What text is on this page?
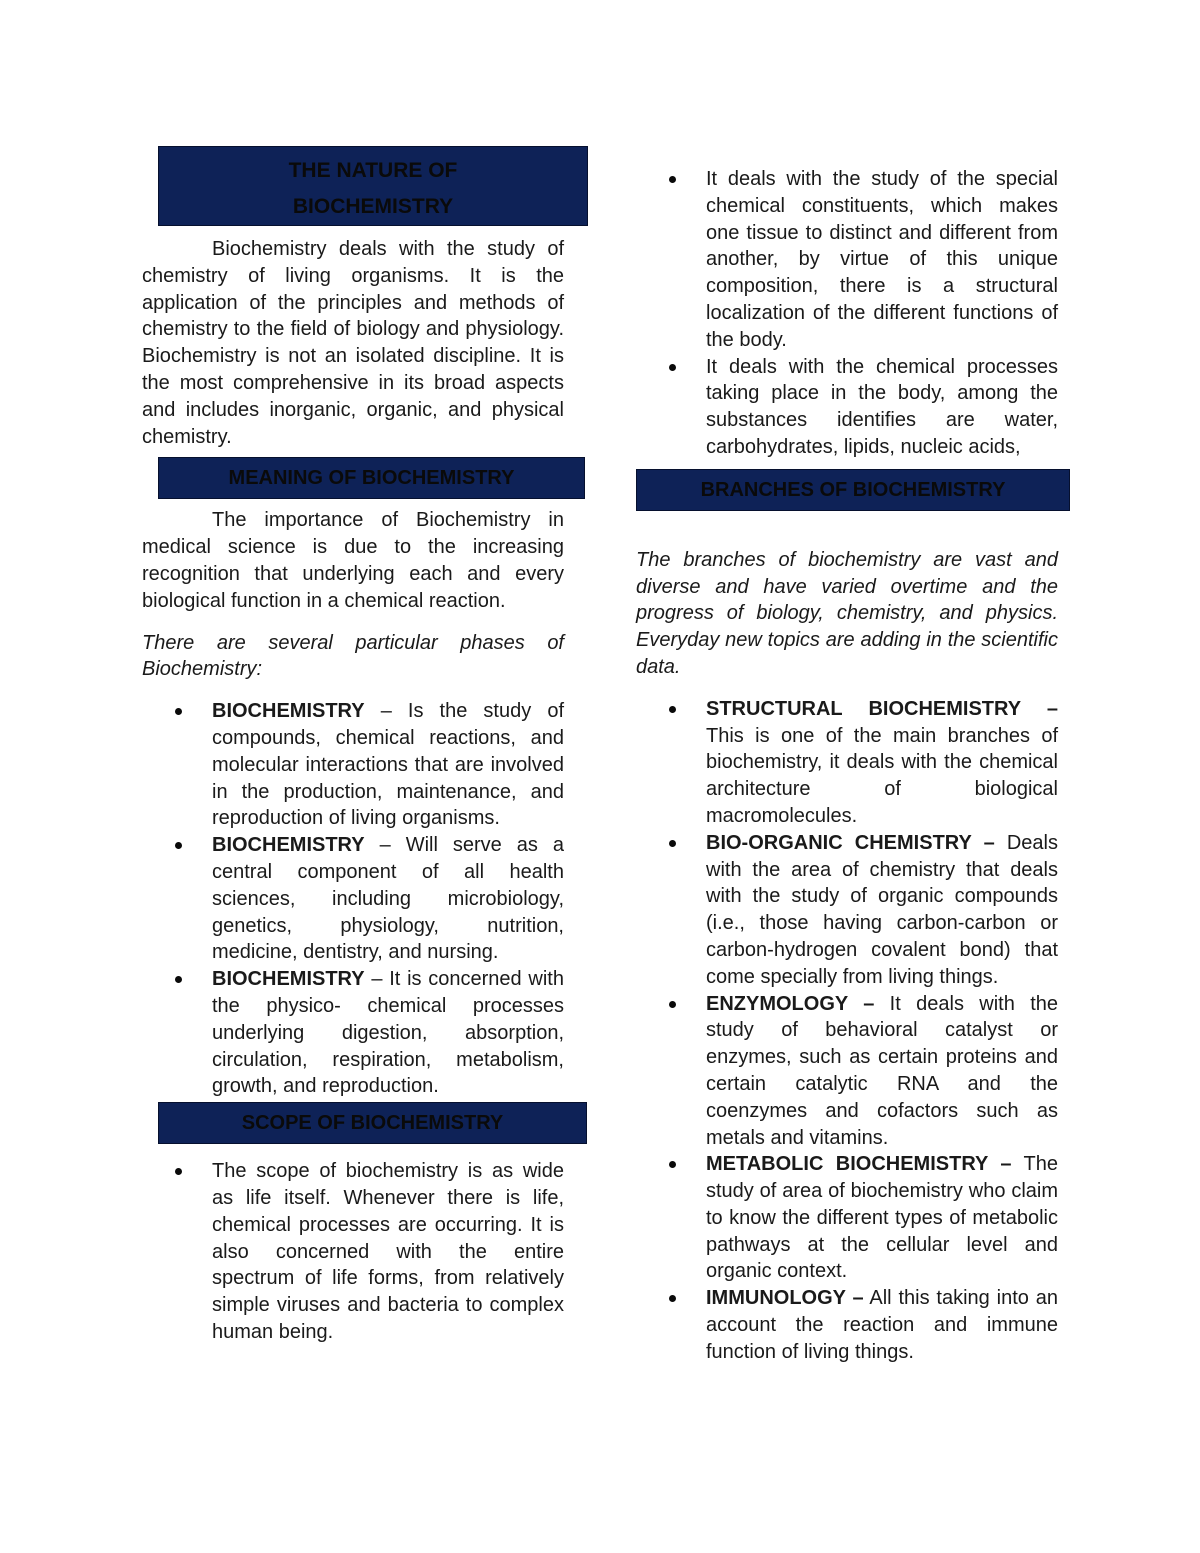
THE NATURE OF
BIOCHEMISTRY

Biochemistry deals with the study of chemistry of living organisms. It is the application of the principles and methods of chemistry to the field of biology and physiology. Biochemistry is not an isolated discipline. It is the most comprehensive in its broad aspects and includes inorganic, organic, and physical chemistry.

MEANING OF BIOCHEMISTRY

The importance of Biochemistry in medical science is due to the increasing recognition that underlying each and every biological function in a chemical reaction.

There are several particular phases of Biochemistry:

BIOCHEMISTRY – Is the study of compounds, chemical reactions, and molecular interactions that are involved in the production, maintenance, and reproduction of living organisms.
BIOCHEMISTRY – Will serve as a central component of all health sciences, including microbiology, genetics, physiology, nutrition, medicine, dentistry, and nursing.
BIOCHEMISTRY – It is concerned with the physico- chemical processes underlying digestion, absorption, circulation, respiration, metabolism, growth, and reproduction.
SCOPE OF BIOCHEMISTRY
The scope of biochemistry is as wide as life itself. Whenever there is life, chemical processes are occurring. It is also concerned with the entire spectrum of life forms, from relatively simple viruses and bacteria to complex human being.
It deals with the study of the special chemical constituents, which makes one tissue to distinct and different from another, by virtue of this unique composition, there is a structural localization of the different functions of the body.
It deals with the chemical processes taking place in the body, among the substances identifies are water, carbohydrates, lipids, nucleic acids,
BRANCHES OF BIOCHEMISTRY

The branches of biochemistry are vast and diverse and have varied overtime and the progress of biology, chemistry, and physics. Everyday new topics are adding in the scientific data.

STRUCTURAL BIOCHEMISTRY – This is one of the main branches of biochemistry, it deals with the chemical architecture of biological macromolecules.
BIO-ORGANIC CHEMISTRY – Deals with the area of chemistry that deals with the study of organic compounds (i.e., those having carbon-carbon or carbon-hydrogen covalent bond) that come specially from living things.
ENZYMOLOGY – It deals with the study of behavioral catalyst or enzymes, such as certain proteins and certain catalytic RNA and the coenzymes and cofactors such as metals and vitamins.
METABOLIC BIOCHEMISTRY – The study of area of biochemistry who claim to know the different types of metabolic pathways at the cellular level and organic context.
IMMUNOLOGY – All this taking into an account the reaction and immune function of living things.
